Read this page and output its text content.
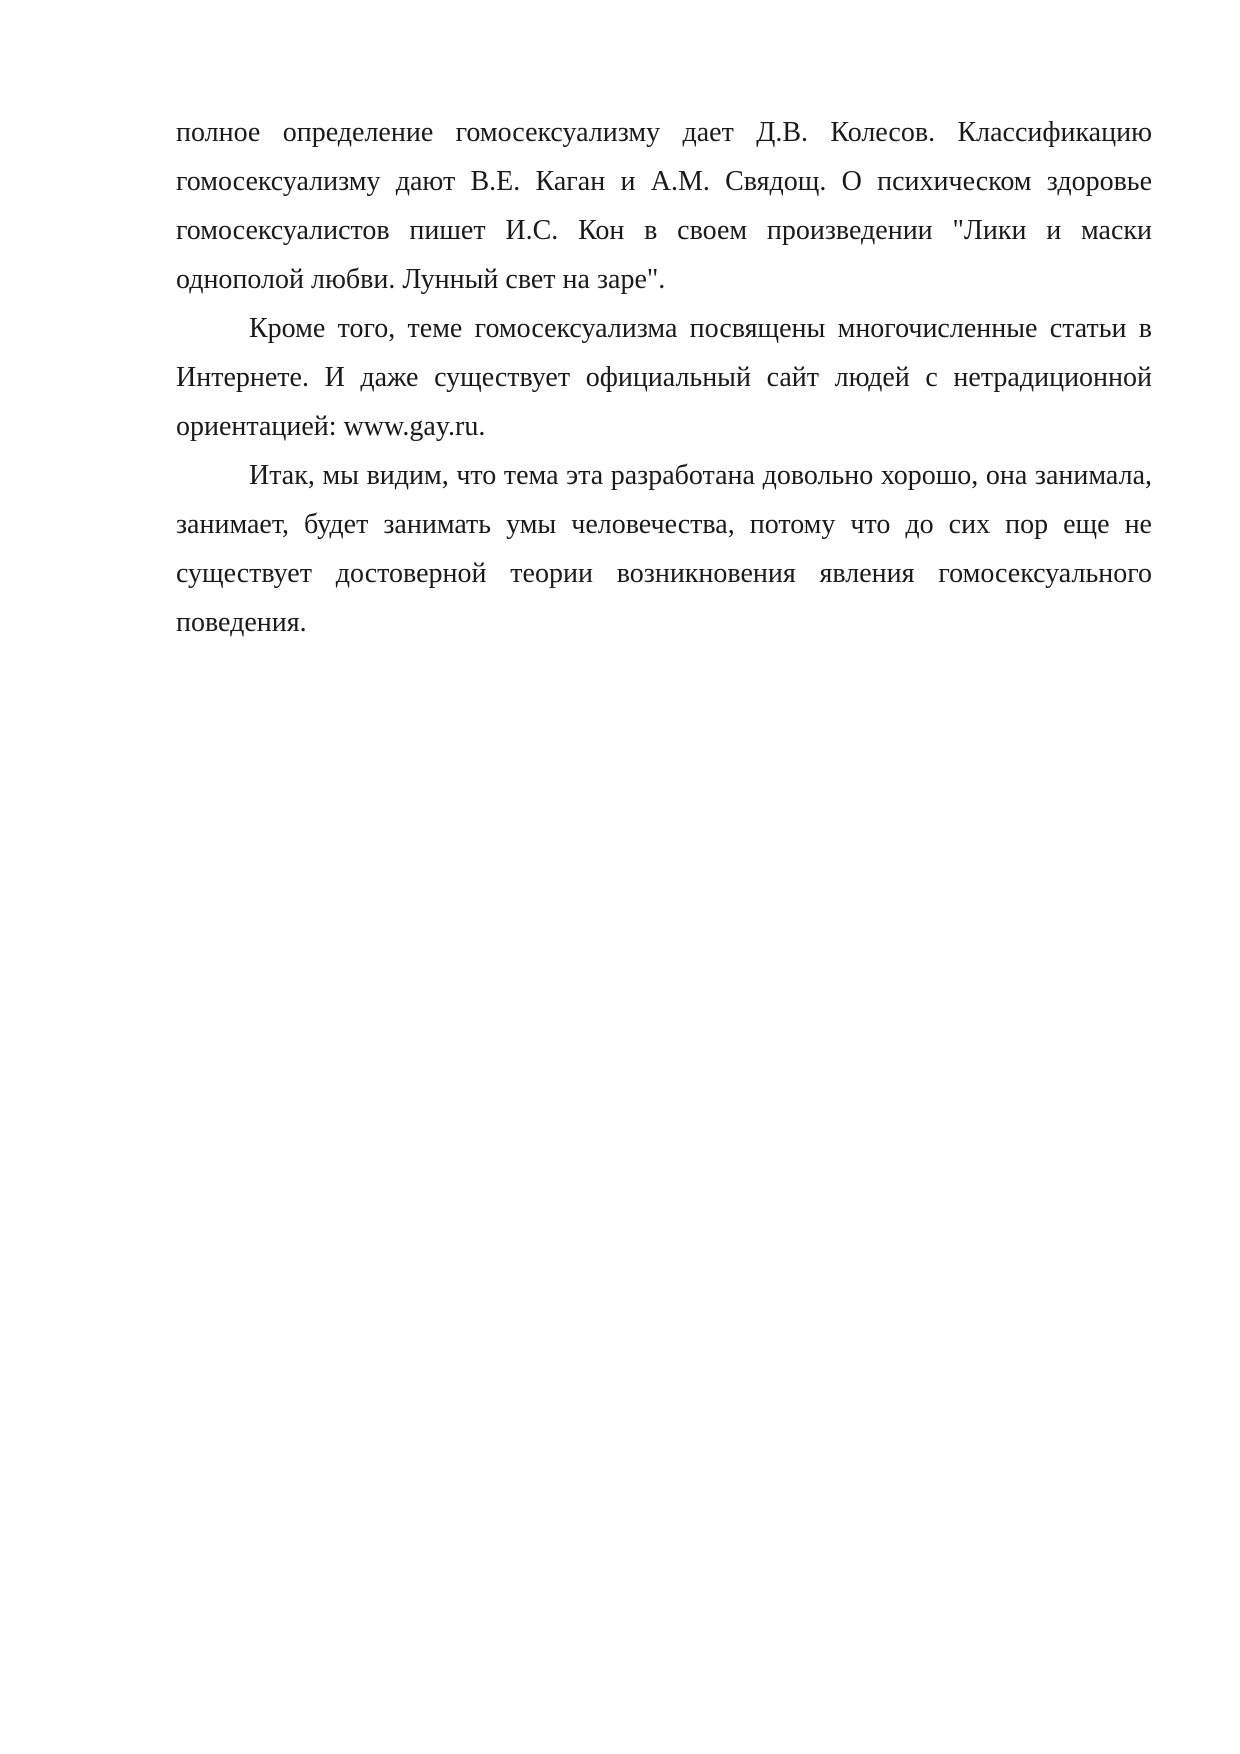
полное определение гомосексуализму дает Д.В. Колесов. Классификацию гомосексуализму дают В.Е. Каган и А.М. Свядощ. О психическом здоровье гомосексуалистов пишет И.С. Кон в своем произведении "Лики и маски однополой любви. Лунный свет на заре".

Кроме того, теме гомосексуализма посвящены многочисленные статьи в Интернете. И даже существует официальный сайт людей с нетрадиционной ориентацией: www.gay.ru.

Итак, мы видим, что тема эта разработана довольно хорошо, она занимала, занимает, будет занимать умы человечества, потому что до сих пор еще не существует достоверной теории возникновения явления гомосексуального поведения.
